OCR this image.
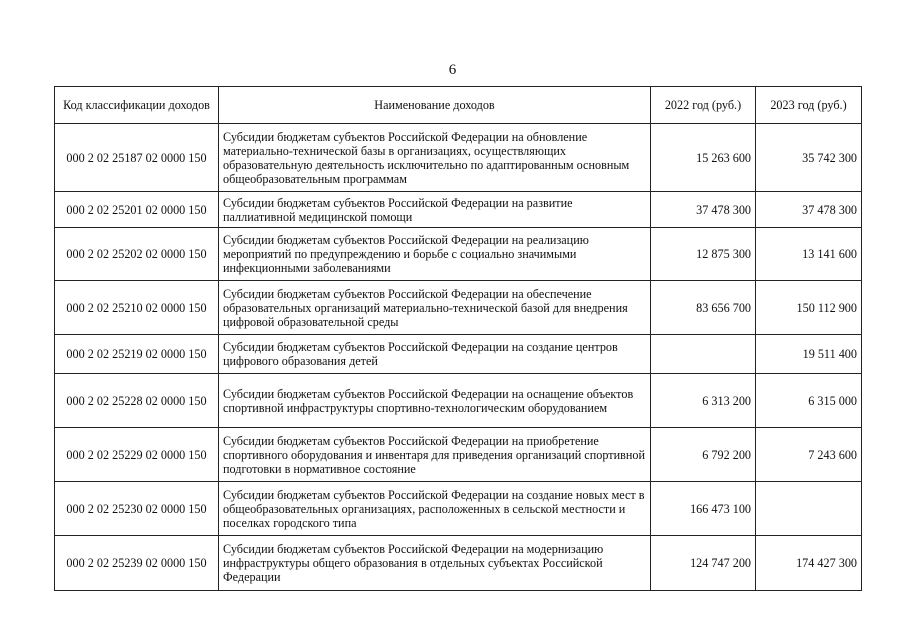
6
Код классификации доходов	Наименование доходов	2022 год (руб.)	2023 год (руб.)
000 2 02 25187 02 0000 150	Субсидии бюджетам субъектов Российской Федерации на обновление материально-технической базы в организациях, осуществляющих образовательную деятельность исключительно по адаптированным основным общеобразовательным программам	15 263 600	35 742 300
000 2 02 25201 02 0000 150	Субсидии бюджетам субъектов Российской Федерации на развитие паллиативной медицинской помощи	37 478 300	37 478 300
000 2 02 25202 02 0000 150	Субсидии бюджетам субъектов Российской Федерации на реализацию мероприятий по предупреждению и борьбе с социально значимыми инфекционными заболеваниями	12 875 300	13 141 600
000 2 02 25210 02 0000 150	Субсидии бюджетам субъектов Российской Федерации на обеспечение образовательных организаций материально-технической базой для внедрения цифровой образовательной среды	83 656 700	150 112 900
000 2 02 25219 02 0000 150	Субсидии бюджетам субъектов Российской Федерации на создание центров цифрового образования детей		19 511 400
000 2 02 25228 02 0000 150	Субсидии бюджетам субъектов Российской Федерации на оснащение объектов спортивной инфраструктуры спортивно-технологическим оборудованием	6 313 200	6 315 000
000 2 02 25229 02 0000 150	Субсидии бюджетам субъектов Российской Федерации на приобретение спортивного оборудования и инвентаря для приведения организаций спортивной подготовки в нормативное состояние	6 792 200	7 243 600
000 2 02 25230 02 0000 150	Субсидии бюджетам субъектов Российской Федерации на создание новых мест в общеобразовательных организациях, расположенных в сельской местности и поселках городского типа	166 473 100	
000 2 02 25239 02 0000 150	Субсидии бюджетам субъектов Российской Федерации на модернизацию инфраструктуры общего образования в отдельных субъектах Российской Федерации	124 747 200	174 427 300
